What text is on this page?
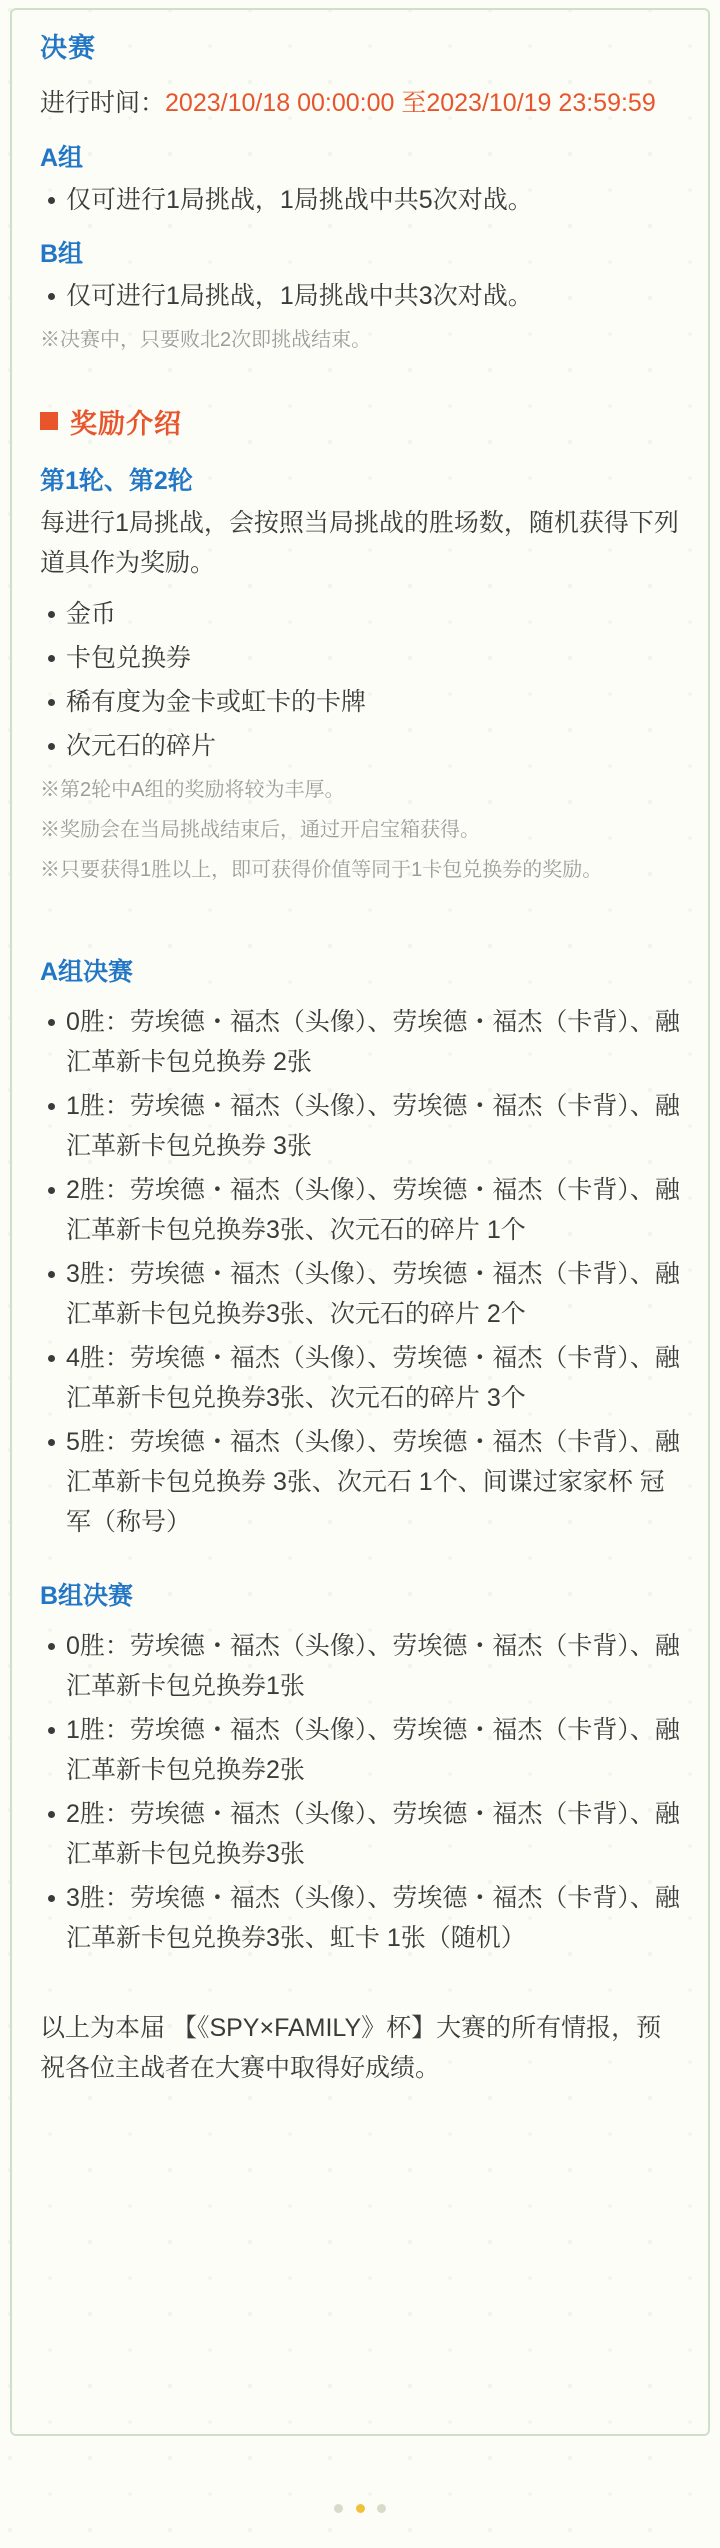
决赛

进行时间：2023/10/18 00:00:00 至2023/10/19 23:59:59

A组
仅可进行1局挑战，1局挑战中共5次对战。
B组
仅可进行1局挑战，1局挑战中共3次对战。

※决赛中，只要败北2次即挑战结束。

奖励介绍
第1轮、第2轮

每进行1局挑战，会按照当局挑战的胜场数，随机获得下列道具作为奖励。

金币
卡包兑换券
稀有度为金卡或虹卡的卡牌
次元石的碎片

※第2轮中A组的奖励将较为丰厚。

※奖励会在当局挑战结束后，通过开启宝箱获得。

※只要获得1胜以上，即可获得价值等同于1卡包兑换券的奖励。

A组决赛
0胜：劳埃德・福杰（头像）、劳埃德・福杰（卡背）、融汇革新卡包兑换券 2张
1胜：劳埃德・福杰（头像）、劳埃德・福杰（卡背）、融汇革新卡包兑换券 3张
2胜：劳埃德・福杰（头像）、劳埃德・福杰（卡背）、融汇革新卡包兑换券3张、次元石的碎片 1个
3胜：劳埃德・福杰（头像）、劳埃德・福杰（卡背）、融汇革新卡包兑换券3张、次元石的碎片 2个
4胜：劳埃德・福杰（头像）、劳埃德・福杰（卡背）、融汇革新卡包兑换券3张、次元石的碎片 3个
5胜：劳埃德・福杰（头像）、劳埃德・福杰（卡背）、融汇革新卡包兑换券 3张、次元石 1个、间谍过家家杯 冠军（称号）
B组决赛
0胜：劳埃德・福杰（头像）、劳埃德・福杰（卡背）、融汇革新卡包兑换券1张
1胜：劳埃德・福杰（头像）、劳埃德・福杰（卡背）、融汇革新卡包兑换券2张
2胜：劳埃德・福杰（头像）、劳埃德・福杰（卡背）、融汇革新卡包兑换券3张
3胜：劳埃德・福杰（头像）、劳埃德・福杰（卡背）、融汇革新卡包兑换券3张、虹卡 1张（随机）

以上为本届 【《SPY×FAMILY》杯】大赛的所有情报，预祝各位主战者在大赛中取得好成绩。
